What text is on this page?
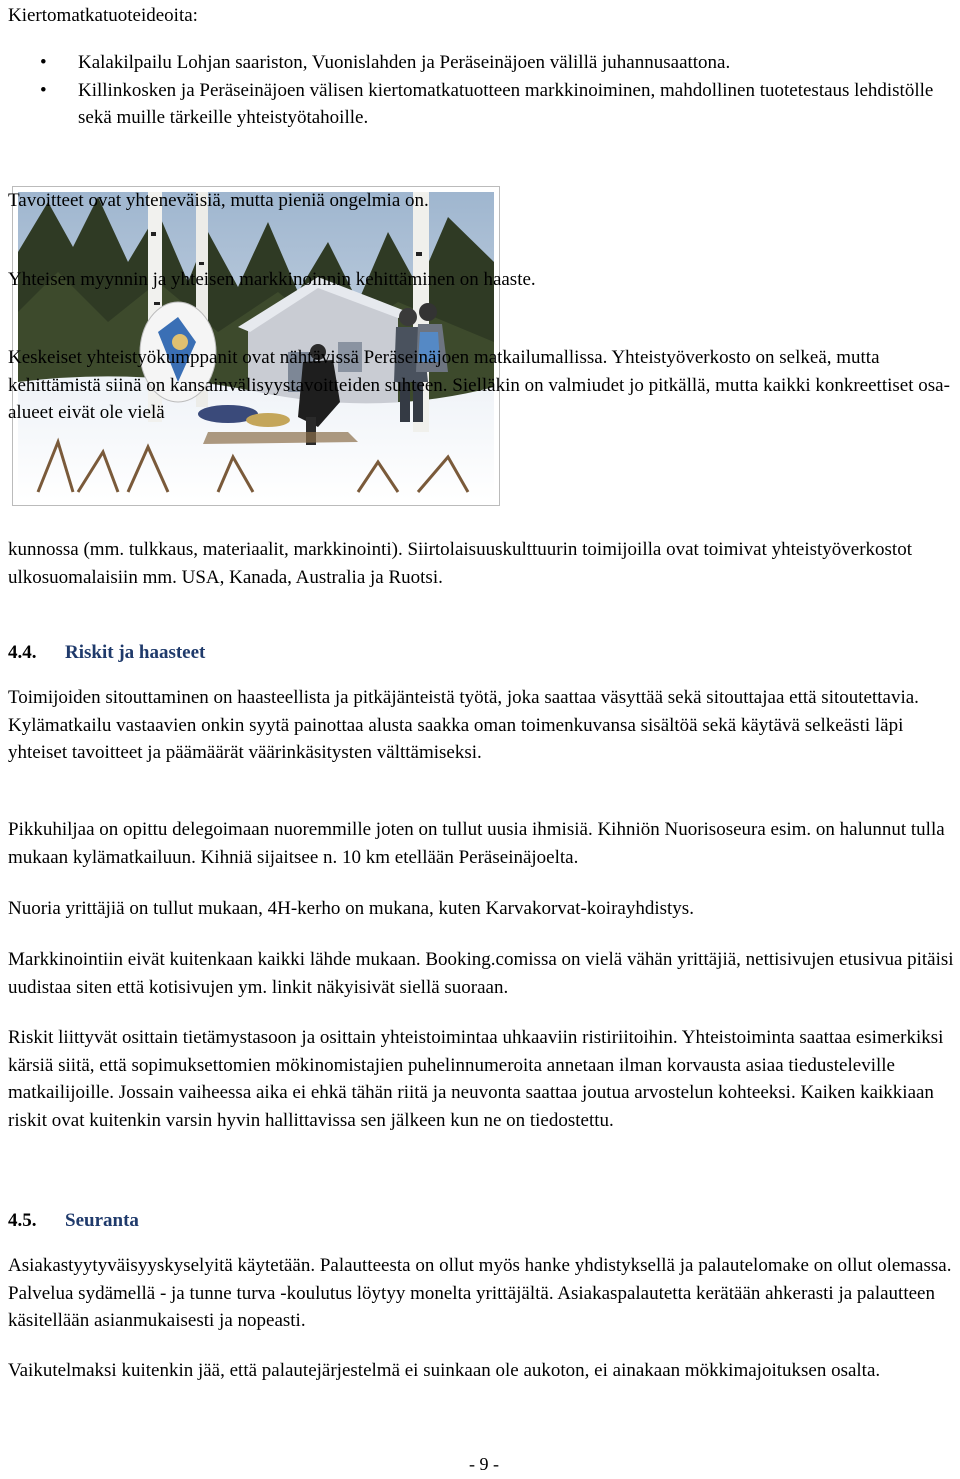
Kiertomatkatuoteideoita:
• Kalakilpailu Lohjan saariston, Vuonislahden ja Peräseinäjoen välillä juhannusaattona.
• Killinkosken ja Peräseinäjoen välisen kiertomatkatuotteen markkinoiminen, mahdollinen tuotetestaus lehdistölle sekä muille tärkeille yhteistyötahoille.

Tavoitteet ovat yhteneväisiä, mutta pieniä ongelmia on.

Yhteisen myynnin ja yhteisen markkinoinnin kehittäminen on haaste.

Keskeiset yhteistyökumppanit ovat nähtävissä Peräseinäjoen matkailumallissa. Yhteistyöverkosto on selkeä, mutta kehittämistä siinä on kansainvälisyystavoitteiden suhteen. Sielläkin on valmiudet jo pitkällä, mutta kaikki konkreettiset osa-alueet eivät ole vielä

kunnossa (mm. tulkkaus, materiaalit, markkinointi). Siirtolaisuuskulttuurin toimijoilla ovat toimivat yhteistyöverkostot ulkosuomalaisiin mm. USA, Kanada, Australia ja Ruotsi.

4.4. Riskit ja haasteet

Toimijoiden sitouttaminen on haasteellista ja pitkäjänteistä työtä, joka saattaa väsyttää sekä sitouttajaa että sitoutettavia. Kylämatkailu vastaavien onkin syytä painottaa alusta saakka oman toimenkuvansa sisältöä sekä käytävä selkeästi läpi yhteiset tavoitteet ja päämäärät väärinkäsitysten välttämiseksi.

Pikkuhiljaa on opittu delegoimaan nuoremmille joten on tullut uusia ihmisiä. Kihniön Nuorisoseura esim. on halunnut tulla mukaan kylämatkailuun. Kihniä sijaitsee n. 10 km etellään Peräseinäjoelta.

Nuoria yrittäjiä on tullut mukaan, 4H-kerho on mukana, kuten Karvakorvat-koirayhdistys.

Markkinointiin eivät kuitenkaan kaikki lähde mukaan. Booking.comissa on vielä vähän yrittäjiä, nettisivujen etusivua pitäisi uudistaa siten että kotisivujen ym. linkit näkyisivät siellä suoraan.

Riskit liittyvät osittain tietämystasoon ja osittain yhteistoimintaa uhkaaviin ristiriitoihin. Yhteistoiminta saattaa esimerkiksi kärsiä siitä, että sopimuksettomien mökinomistajien puhelinnumeroita annetaan ilman korvausta asiaa tiedusteleville matkailijoille. Jossain vaiheessa aika ei ehkä tähän riitä ja neuvonta saattaa joutua arvostelun kohteeksi. Kaiken kaikkiaan riskit ovat kuitenkin varsin hyvin hallittavissa sen jälkeen kun ne on tiedostettu.

4.5. Seuranta

Asiakastyytyväisyyskyselyitä käytetään. Palautteesta on ollut myös hanke yhdistyksellä ja palautelomake on ollut olemassa. Palvelua sydämellä - ja tunne turva -koulutus löytyy monelta yrittäjältä. Asiakaspalautetta kerätään ahkerasti ja palautteen käsitellään asianmukaisesti ja nopeasti.

Vaikutelmaksi kuitenkin jää, että palautejärjestelmä ei suinkaan ole aukoton, ei ainakaan mökkimajoituksen osalta.

- 9 -
